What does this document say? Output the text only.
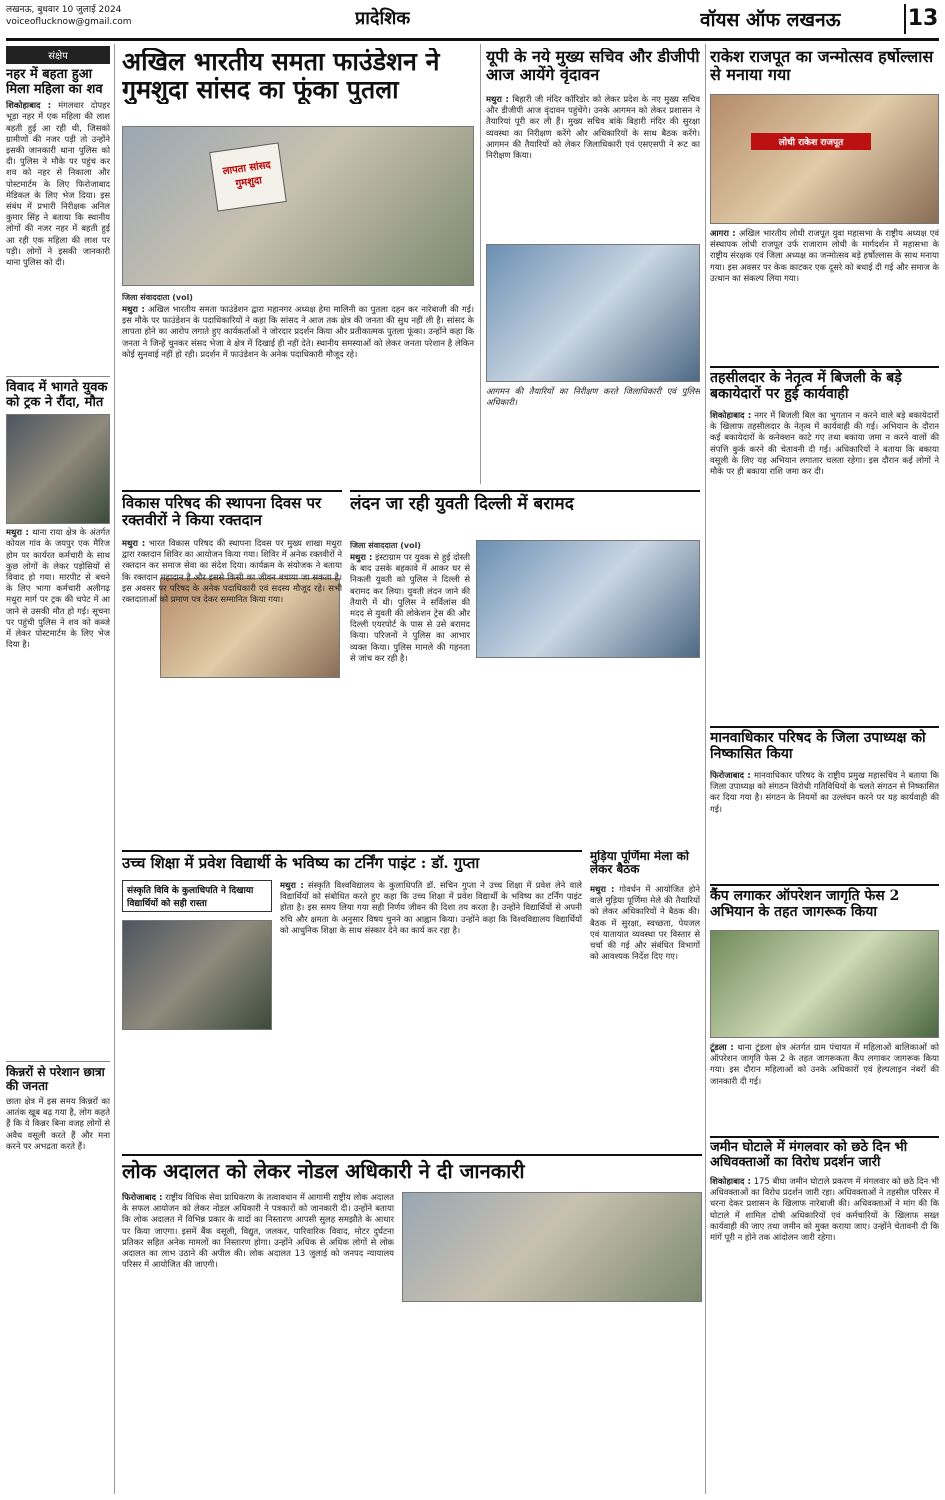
लखनऊ, बुधवार 10 जुलाई 2024
voiceoflucknow@gmail.com	प्रादेशिक	वॉयस ऑफ लखनऊ	13
संक्षेप
नहर में बहता हुआ मिला महिला का शव
शिकोहाबाद : मंगलवार दोपहर भूड़ा नहर में एक महिला की लाश बहती हुई आ रही थी, जिसको ग्रामीणों की नजर पड़ी तो उन्होंने इसकी जानकारी थाना पुलिस को दी। पुलिस ने मौके पर पहुंच कर शव को नहर से निकाला और पोस्टमार्टम के लिए फिरोजाबाद मेडिकल के लिए भेज दिया। इस संबंध में प्रभारी निरीक्षक अनिल कुमार सिंह ने बताया कि स्थानीय लोगों की नजर नहर में बहती हुई आ रही एक महिला की लाश पर पड़ी। लोगों ने इसकी जानकारी थाना पुलिस को दी।
विवाद में भागते युवक को ट्रक ने रौंदा, मौत
मथुरा : थाना राया क्षेत्र के अंतर्गत कोयल गांव के जयपुर एक मैरिज होम पर कार्यरत कर्मचारी के साथ कुछ लोगों के लेकर पड़ोसियों से विवाद हो गया। मारपीट से बचने के लिए भागा कर्मचारी अलीगढ़ मथुरा मार्ग पर ट्रक की चपेट में आ जाने से उसकी मौत हो गई। सूचना पर पहुंची पुलिस ने शव को कब्जे में लेकर पोस्टमार्टम के लिए भेज दिया है।
किन्नरों से परेशान छात्रा की जनता
छाता क्षेत्र में इस समय किन्नरों का आतंक खूब बढ़ गया है, लोग कहते हैं कि ये किन्नर बिना वजह लोगों से अवैध वसूली करते हैं और मना करने पर अभद्रता करते हैं।
अखिल भारतीय समता फाउंडेशन ने गुमशुदा सांसद का फूंका पुतला
लापता सांसद गुमशुदा
जिला संवाददाता (vol)
मथुरा : अखिल भारतीय समता फाउंडेशन द्वारा महानगर अध्यक्ष हेमा मालिनी का पुतला दहन कर नारेबाजी की गई। इस मौके पर फाउंडेशन के पदाधिकारियों ने कहा कि सांसद ने आज तक क्षेत्र की जनता की सुध नहीं ली है। सांसद के लापता होने का आरोप लगाते हुए कार्यकर्ताओं ने जोरदार प्रदर्शन किया और प्रतीकात्मक पुतला फूंका। उन्होंने कहा कि जनता ने जिन्हें चुनकर संसद भेजा वे क्षेत्र में दिखाई ही नहीं देते। स्थानीय समस्याओं को लेकर जनता परेशान है लेकिन कोई सुनवाई नहीं हो रही। प्रदर्शन में फाउंडेशन के अनेक पदाधिकारी मौजूद रहे।
यूपी के नये मुख्य सचिव और डीजीपी आज आयेंगे वृंदावन
मथुरा : बिहारी जी मंदिर कॉरिडोर को लेकर प्रदेश के नए मुख्य सचिव और डीजीपी आज वृंदावन पहुंचेंगे। उनके आगमन को लेकर प्रशासन ने तैयारियां पूरी कर ली हैं। मुख्य सचिव बांके बिहारी मंदिर की सुरक्षा व्यवस्था का निरीक्षण करेंगे और अधिकारियों के साथ बैठक करेंगे। आगमन की तैयारियों को लेकर जिलाधिकारी एवं एसएसपी ने रूट का निरीक्षण किया।
आगमन की तैयारियों का निरीक्षण करते जिलाधिकारी एवं पुलिस अधिकारी।
राकेश राजपूत का जन्मोत्सव हर्षोल्लास से मनाया गया
लोधी राकेश राजपूत
आगरा : अखिल भारतीय लोधी राजपूत युवा महासभा के राष्ट्रीय अध्यक्ष एवं संस्थापक लोधी राजपूत उर्फ राजाराम लोधी के मार्गदर्शन में महासभा के राष्ट्रीय संरक्षक एवं जिला अध्यक्ष का जन्मोत्सव बड़े हर्षोल्लास के साथ मनाया गया। इस अवसर पर केक काटकर एक दूसरे को बधाई दी गई और समाज के उत्थान का संकल्प लिया गया।
तहसीलदार के नेतृत्व में बिजली के बड़े बकायेदारों पर हुई कार्यवाही
शिकोहाबाद : नगर में बिजली बिल का भुगतान न करने वाले बड़े बकायेदारों के खिलाफ तहसीलदार के नेतृत्व में कार्यवाही की गई। अभियान के दौरान कई बकायेदारों के कनेक्शन काटे गए तथा बकाया जमा न करने वालों की संपत्ति कुर्क करने की चेतावनी दी गई। अधिकारियों ने बताया कि बकाया वसूली के लिए यह अभियान लगातार चलता रहेगा। इस दौरान कई लोगों ने मौके पर ही बकाया राशि जमा कर दी।
मानवाधिकार परिषद के जिला उपाध्यक्ष को निष्कासित किया
फिरोजाबाद : मानवाधिकार परिषद के राष्ट्रीय प्रमुख महासचिव ने बताया कि जिला उपाध्यक्ष को संगठन विरोधी गतिविधियों के चलते संगठन से निष्कासित कर दिया गया है। संगठन के नियमों का उल्लंघन करने पर यह कार्यवाही की गई।
कैंप लगाकर ऑपरेशन जागृति फेस 2 अभियान के तहत जागरूक किया
टूंडला : थाना टूंडला क्षेत्र अंतर्गत ग्राम पंचायत में महिलाओं बालिकाओं को ऑपरेशन जागृति फेस 2 के तहत जागरूकता कैंप लगाकर जागरूक किया गया। इस दौरान महिलाओं को उनके अधिकारों एवं हेल्पलाइन नंबरों की जानकारी दी गई।
जमीन घोटाले में मंगलवार को छठे दिन भी अधिवक्ताओं का विरोध प्रदर्शन जारी
शिकोहाबाद : 175 बीघा जमीन घोटाले प्रकरण में मंगलवार को छठे दिन भी अधिवक्ताओं का विरोध प्रदर्शन जारी रहा। अधिवक्ताओं ने तहसील परिसर में धरना देकर प्रशासन के खिलाफ नारेबाजी की। अधिवक्ताओं ने मांग की कि घोटाले में शामिल दोषी अधिकारियों एवं कर्मचारियों के खिलाफ सख्त कार्यवाही की जाए तथा जमीन को मुक्त कराया जाए। उन्होंने चेतावनी दी कि मांगें पूरी न होने तक आंदोलन जारी रहेगा।
विकास परिषद की स्थापना दिवस पर रक्तवीरों ने किया रक्तदान
मथुरा : भारत विकास परिषद की स्थापना दिवस पर मुख्य शाखा मथुरा द्वारा रक्तदान शिविर का आयोजन किया गया। शिविर में अनेक रक्तवीरों ने रक्तदान कर समाज सेवा का संदेश दिया। कार्यक्रम के संयोजक ने बताया कि रक्तदान महादान है और इससे किसी का जीवन बचाया जा सकता है। इस अवसर पर परिषद के अनेक पदाधिकारी एवं सदस्य मौजूद रहे। सभी रक्तदाताओं को प्रमाण पत्र देकर सम्मानित किया गया।
लंदन जा रही युवती दिल्ली में बरामद
जिला संवाददाता (vol)
मथुरा : इंस्टाग्राम पर युवक से हुई दोस्ती के बाद उसके बहकावे में आकर घर से निकली युवती को पुलिस ने दिल्ली से बरामद कर लिया। युवती लंदन जाने की तैयारी में थी। पुलिस ने सर्विलांस की मदद से युवती की लोकेशन ट्रेस की और दिल्ली एयरपोर्ट के पास से उसे बरामद किया। परिजनों ने पुलिस का आभार व्यक्त किया। पुलिस मामले की गहनता से जांच कर रही है।
मुड़िया पूर्णिमा मेला को लेकर बैठक
मथुरा : गोवर्धन में आयोजित होने वाले मुड़िया पूर्णिमा मेले की तैयारियों को लेकर अधिकारियों ने बैठक की। बैठक में सुरक्षा, स्वच्छता, पेयजल एवं यातायात व्यवस्था पर विस्तार से चर्चा की गई और संबंधित विभागों को आवश्यक निर्देश दिए गए।
उच्च शिक्षा में प्रवेश विद्यार्थी के भविष्य का टर्निंग पाइंट : डॉ. गुप्ता
संस्कृति विवि के कुलाधिपति ने दिखाया विद्यार्थियों को सही रास्ता
मथुरा : संस्कृति विश्वविद्यालय के कुलाधिपति डॉ. सचिन गुप्ता ने उच्च शिक्षा में प्रवेश लेने वाले विद्यार्थियों को संबोधित करते हुए कहा कि उच्च शिक्षा में प्रवेश विद्यार्थी के भविष्य का टर्निंग पाइंट होता है। इस समय लिया गया सही निर्णय जीवन की दिशा तय करता है। उन्होंने विद्यार्थियों से अपनी रुचि और क्षमता के अनुसार विषय चुनने का आह्वान किया। उन्होंने कहा कि विश्वविद्यालय विद्यार्थियों को आधुनिक शिक्षा के साथ संस्कार देने का कार्य कर रहा है।
लोक अदालत को लेकर नोडल अधिकारी ने दी जानकारी
फिरोजाबाद : राष्ट्रीय विधिक सेवा प्राधिकरण के तत्वावधान में आगामी राष्ट्रीय लोक अदालत के सफल आयोजन को लेकर नोडल अधिकारी ने पत्रकारों को जानकारी दी। उन्होंने बताया कि लोक अदालत में विभिन्न प्रकार के वादों का निस्तारण आपसी सुलह समझौते के आधार पर किया जाएगा। इसमें बैंक वसूली, विद्युत, जलकर, पारिवारिक विवाद, मोटर दुर्घटना प्रतिकर सहित अनेक मामलों का निस्तारण होगा। उन्होंने अधिक से अधिक लोगों से लोक अदालत का लाभ उठाने की अपील की। लोक अदालत 13 जुलाई को जनपद न्यायालय परिसर में आयोजित की जाएगी।
